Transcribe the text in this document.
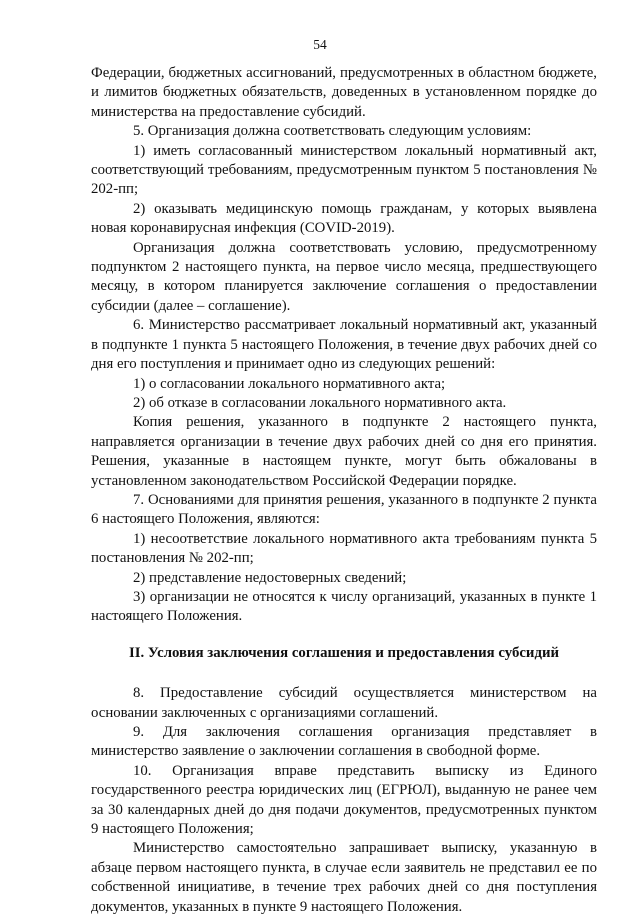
54

Федерации, бюджетных ассигнований, предусмотренных в областном бюджете, и лимитов бюджетных обязательств, доведенных в установленном порядке до министерства на предоставление субсидий.

5. Организация должна соответствовать следующим условиям:

1) иметь согласованный министерством локальный нормативный акт, соответствующий требованиям, предусмотренным пунктом 5 постановления № 202-пп;

2) оказывать медицинскую помощь гражданам, у которых выявлена новая коронавирусная инфекция (COVID-2019).

Организация должна соответствовать условию, предусмотренному подпунктом 2 настоящего пункта, на первое число месяца, предшествующего месяцу, в котором планируется заключение соглашения о предоставлении субсидии (далее – соглашение).

6. Министерство рассматривает локальный нормативный акт, указанный в подпункте 1 пункта 5 настоящего Положения, в течение двух рабочих дней со дня его поступления и принимает одно из следующих решений:

1) о согласовании локального нормативного акта;

2) об отказе в согласовании локального нормативного акта.

Копия решения, указанного в подпункте 2 настоящего пункта, направляется организации в течение двух рабочих дней со дня его принятия. Решения, указанные в настоящем пункте, могут быть обжалованы в установленном законодательством Российской Федерации порядке.

7. Основаниями для принятия решения, указанного в подпункте 2 пункта 6 настоящего Положения, являются:

1) несоответствие локального нормативного акта требованиям пункта 5 постановления № 202-пп;

2) представление недостоверных сведений;

3) организации не относятся к числу организаций, указанных в пункте 1 настоящего Положения.

II. Условия заключения соглашения и предоставления субсидий

8. Предоставление субсидий осуществляется министерством на основании заключенных с организациями соглашений.

9. Для заключения соглашения организация представляет в министерство заявление о заключении соглашения в свободной форме.

10. Организация вправе представить выписку из Единого государственного реестра юридических лиц (ЕГРЮЛ), выданную не ранее чем за 30 календарных дней до дня подачи документов, предусмотренных пунктом 9 настоящего Положения;

Министерство самостоятельно запрашивает выписку, указанную в абзаце первом настоящего пункта, в случае если заявитель не представил ее по собственной инициативе, в течение трех рабочих дней со дня поступления документов, указанных в пункте 9 настоящего Положения.
